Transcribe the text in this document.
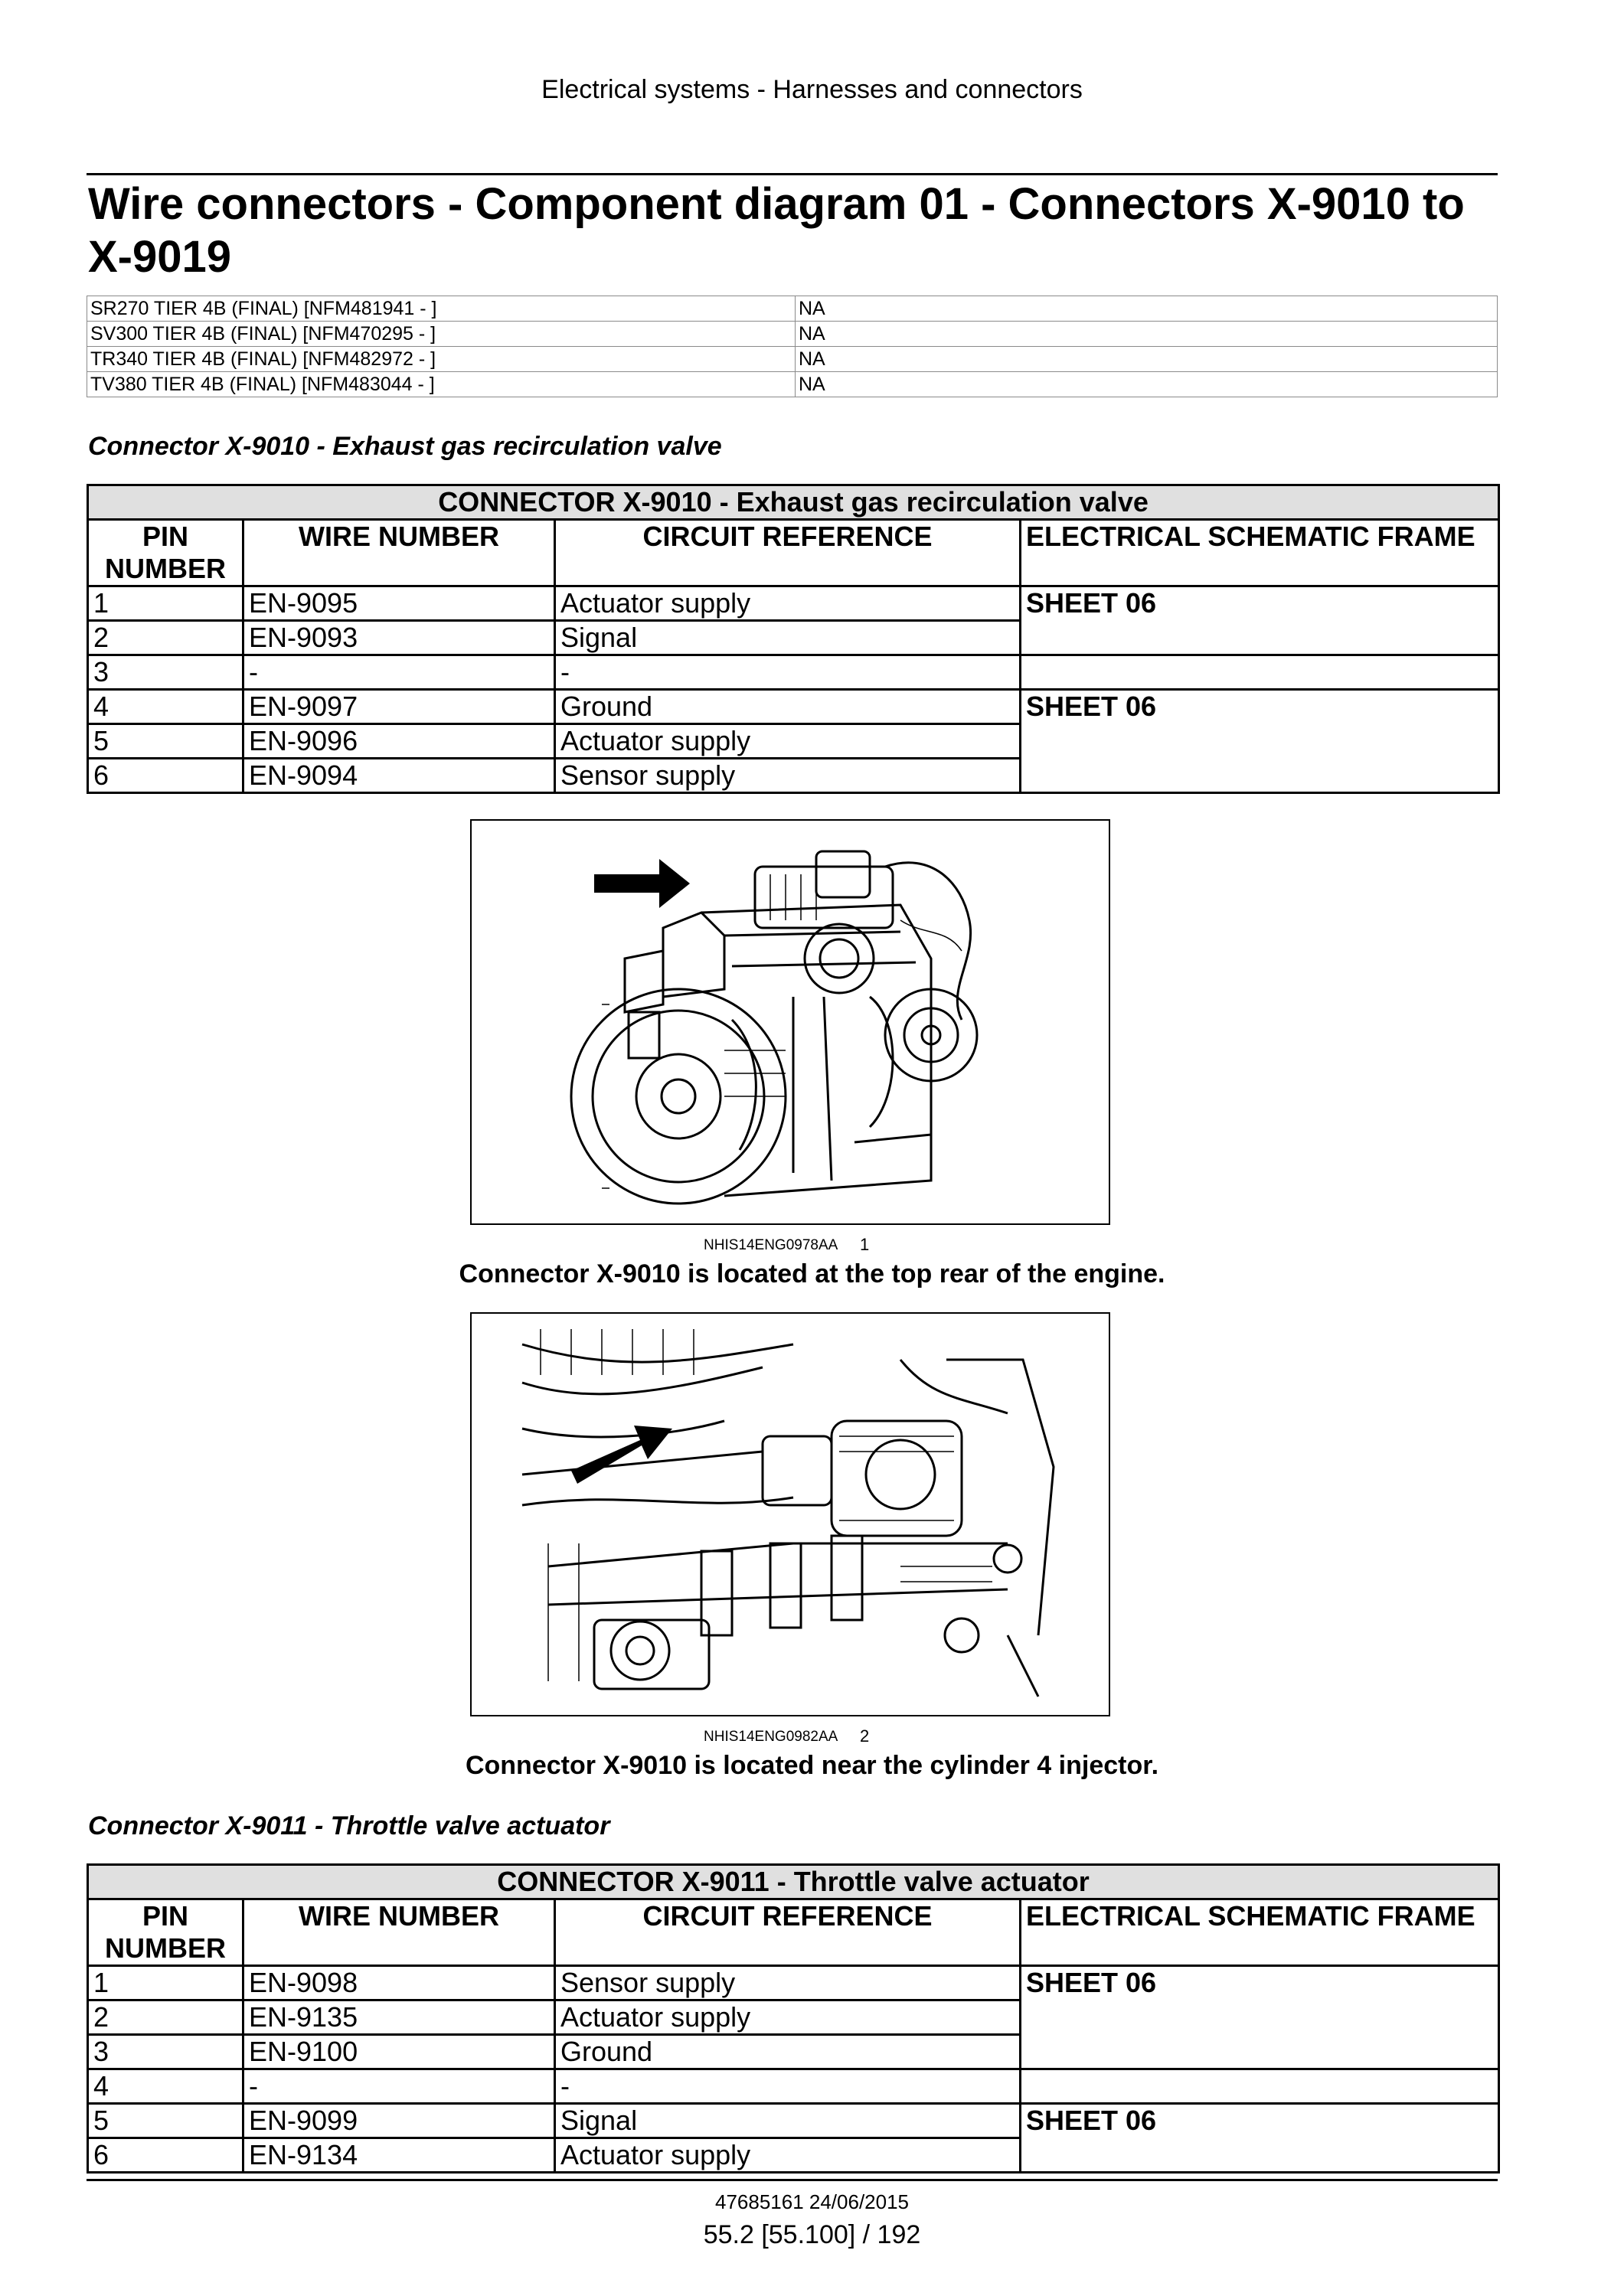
Electrical systems - Harnesses and connectors
Wire connectors - Component diagram 01 - Connectors X-9010 to X-9019
SR270 TIER 4B (FINAL) [NFM481941 - ]	NA
SV300 TIER 4B (FINAL) [NFM470295 - ]	NA
TR340 TIER 4B (FINAL) [NFM482972 - ]	NA
TV380 TIER 4B (FINAL) [NFM483044 - ]	NA
Connector X-9010 - Exhaust gas recirculation valve
CONNECTOR X-9010 - Exhaust gas recirculation valve			
PIN NUMBER	WIRE NUMBER	CIRCUIT REFERENCE	ELECTRICAL SCHEMATIC FRAME
1	EN-9095	Actuator supply	SHEET 06
2	EN-9093	Signal	
3	-	-	
4	EN-9097	Ground	SHEET 06
5	EN-9096	Actuator supply	
6	EN-9094	Sensor supply	
NHIS14ENG0978AA 1
Connector X-9010 is located at the top rear of the engine.
NHIS14ENG0982AA 2
Connector X-9010 is located near the cylinder 4 injector.
Connector X-9011 - Throttle valve actuator
CONNECTOR X-9011 - Throttle valve actuator			
PIN NUMBER	WIRE NUMBER	CIRCUIT REFERENCE	ELECTRICAL SCHEMATIC FRAME
1	EN-9098	Sensor supply	SHEET 06
2	EN-9135	Actuator supply	
3	EN-9100	Ground	
4	-	-	
5	EN-9099	Signal	SHEET 06
6	EN-9134	Actuator supply	
47685161 24/06/2015
55.2 [55.100] / 192
